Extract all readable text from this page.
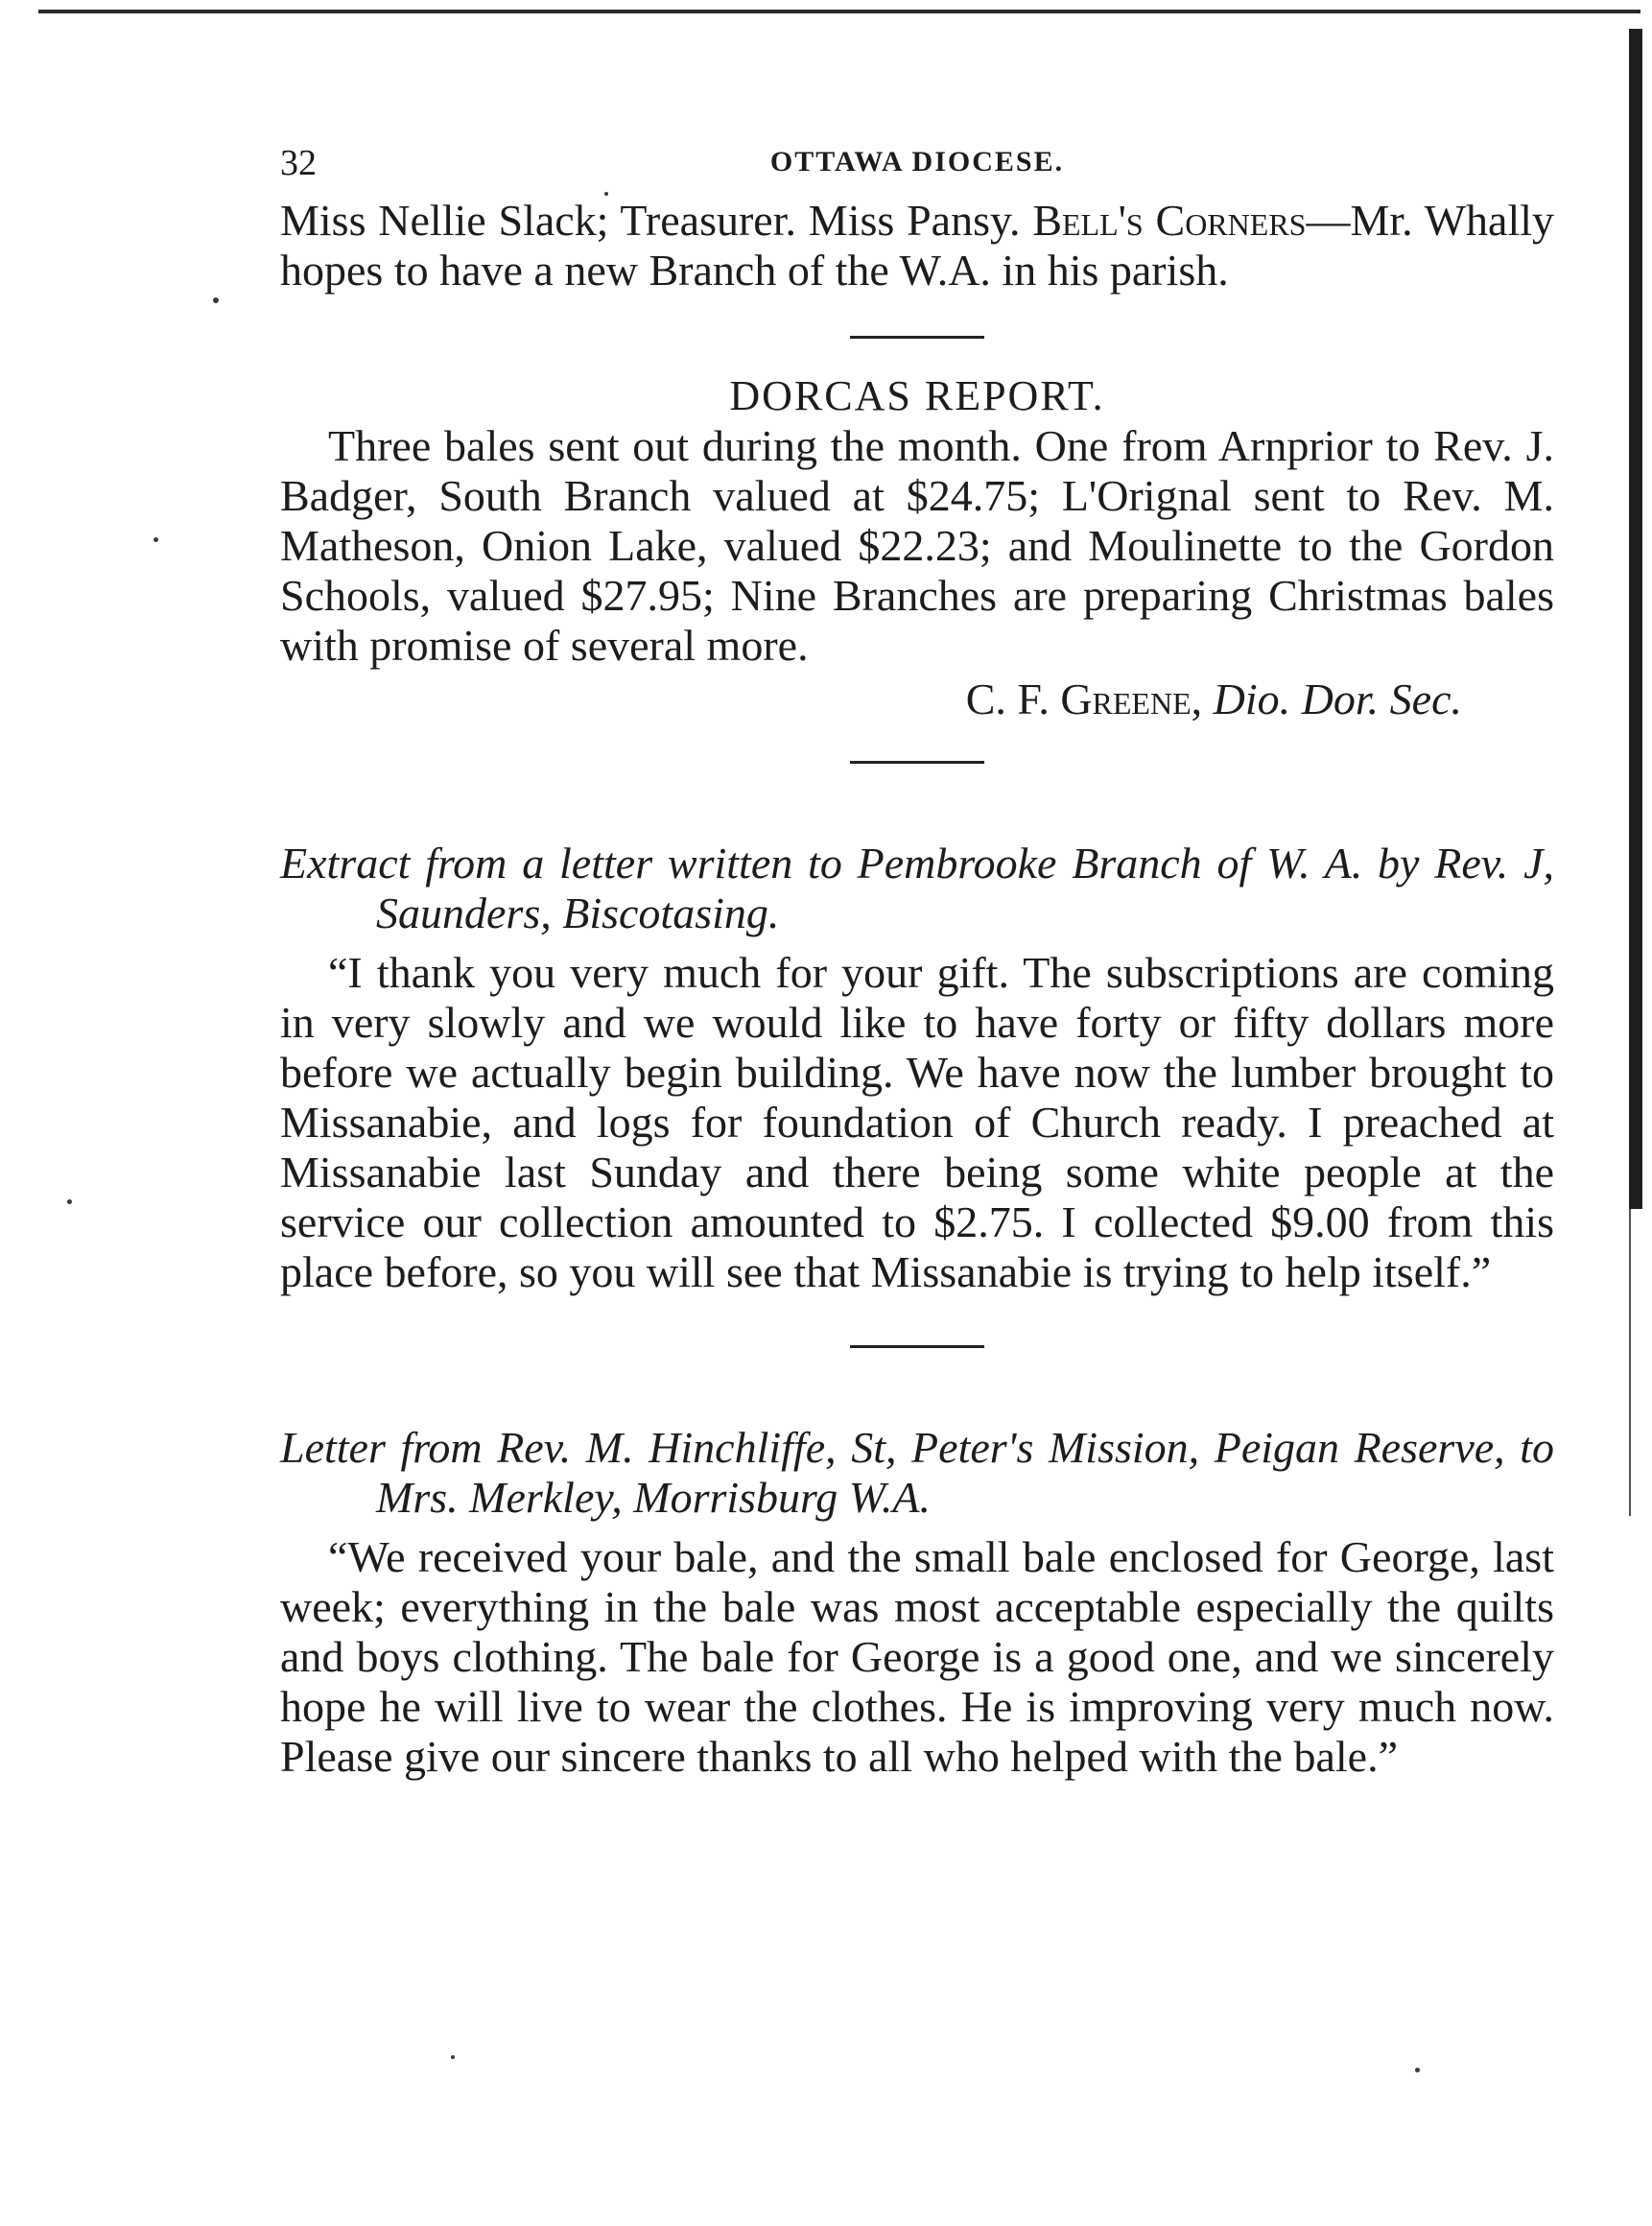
32	OTTAWA DIOCESE.

Miss Nellie Slack; Treasurer. Miss Pansy. Bell's Corners—Mr. Whally hopes to have a new Branch of the W.A. in his parish.

DORCAS REPORT.

Three bales sent out during the month. One from Arnprior to Rev. J. Badger, South Branch valued at $24.75; L'Orignal sent to Rev. M. Matheson, Onion Lake, valued $22.23; and Moulinette to the Gordon Schools, valued $27.95; Nine Branches are preparing Christmas bales with promise of several more.

C. F. Greene, Dio. Dor. Sec.
Extract from a letter written to Pembrooke Branch of W. A. by Rev. J, Saunders, Biscotasing.

“I thank you very much for your gift. The subscriptions are coming in very slowly and we would like to have forty or fifty dollars more before we actually begin building. We have now the lumber brought to Missanabie, and logs for foundation of Church ready. I preached at Missanabie last Sunday and there being some white people at the service our collection amounted to $2.75. I collected $9.00 from this place before, so you will see that Missanabie is trying to help itself.”

Letter from Rev. M. Hinchliffe, St, Peter's Mission, Peigan Reserve, to Mrs. Merkley, Morrisburg W.A.

“We received your bale, and the small bale enclosed for George, last week; everything in the bale was most acceptable especially the quilts and boys clothing. The bale for George is a good one, and we sincerely hope he will live to wear the clothes. He is improving very much now. Please give our sincere thanks to all who helped with the bale.”
